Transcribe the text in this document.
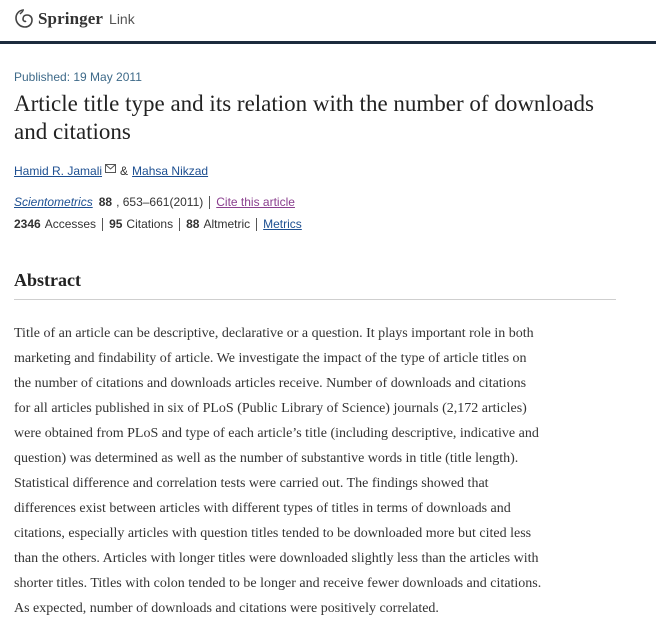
Springer Link
Published: 19 May 2011
Article title type and its relation with the number of downloads and citations
Hamid R. Jamali & Mahsa Nikzad
Scientometrics 88 , 653–661(2011) Cite this article
2346 Accesses 95 Citations 88 Altmetric Metrics
Abstract
Title of an article can be descriptive, declarative or a question. It plays important role in both
marketing and findability of article. We investigate the impact of the type of article titles on
the number of citations and downloads articles receive. Number of downloads and citations
for all articles published in six of PLoS (Public Library of Science) journals (2,172 articles)
were obtained from PLoS and type of each article’s title (including descriptive, indicative and
question) was determined as well as the number of substantive words in title (title length).
Statistical difference and correlation tests were carried out. The findings showed that
differences exist between articles with different types of titles in terms of downloads and
citations, especially articles with question titles tended to be downloaded more but cited less
than the others. Articles with longer titles were downloaded slightly less than the articles with
shorter titles. Titles with colon tended to be longer and receive fewer downloads and citations.
As expected, number of downloads and citations were positively correlated.
